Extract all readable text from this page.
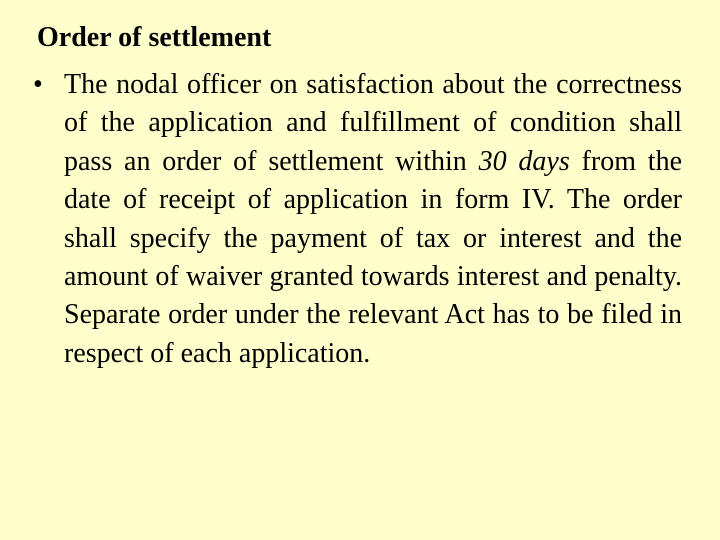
Order of settlement
•
The nodal officer on satisfaction about the correctness of the application and fulfillment of condition shall pass an order of settlement within 30 days from the date of receipt of application in form IV. The order shall specify the payment of tax or interest and the amount of waiver granted towards interest and penalty. Separate order under the relevant Act has to be filed in respect of each application.
